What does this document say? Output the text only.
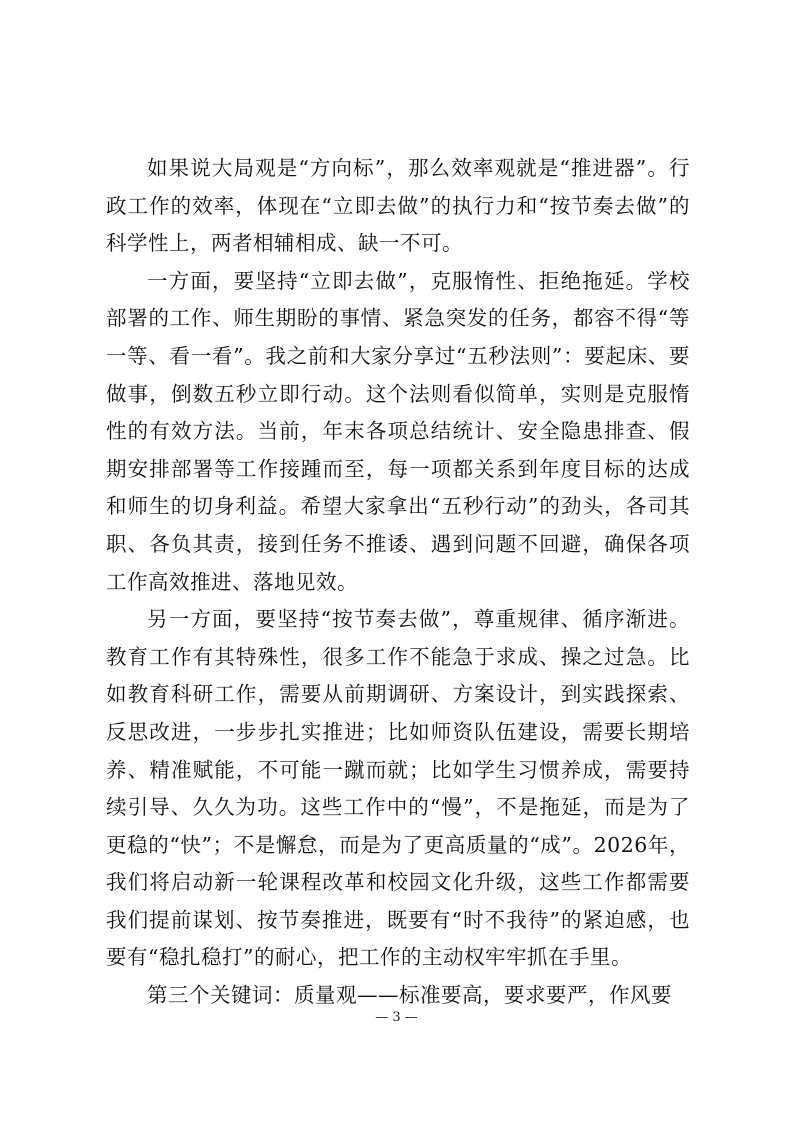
如果说大局观是“方向标”，那么效率观就是“推进器”。行政工作的效率，体现在“立即去做”的执行力和“按节奏去做”的科学性上，两者相辅相成、缺一不可。

一方面，要坚持“立即去做”，克服惰性、拒绝拖延。学校部署的工作、师生期盼的事情、紧急突发的任务，都容不得“等一等、看一看”。我之前和大家分享过“五秒法则”：要起床、要做事，倒数五秒立即行动。这个法则看似简单，实则是克服惰性的有效方法。当前，年末各项总结统计、安全隐患排查、假期安排部署等工作接踵而至，每一项都关系到年度目标的达成和师生的切身利益。希望大家拿出“五秒行动”的劲头，各司其职、各负其责，接到任务不推诿、遇到问题不回避，确保各项工作高效推进、落地见效。

另一方面，要坚持“按节奏去做”，尊重规律、循序渐进。教育工作有其特殊性，很多工作不能急于求成、操之过急。比如教育科研工作，需要从前期调研、方案设计，到实践探索、反思改进，一步步扎实推进；比如师资队伍建设，需要长期培养、精准赋能，不可能一蹴而就；比如学生习惯养成，需要持续引导、久久为功。这些工作中的“慢”，不是拖延，而是为了更稳的“快”；不是懈怠，而是为了更高质量的“成”。2026年，我们将启动新一轮课程改革和校园文化升级，这些工作都需要我们提前谋划、按节奏推进，既要有“时不我待”的紧迫感，也要有“稳扎稳打”的耐心，把工作的主动权牢牢抓在手里。

第三个关键词：质量观——标准要高，要求要严，作风要

— 3 —
